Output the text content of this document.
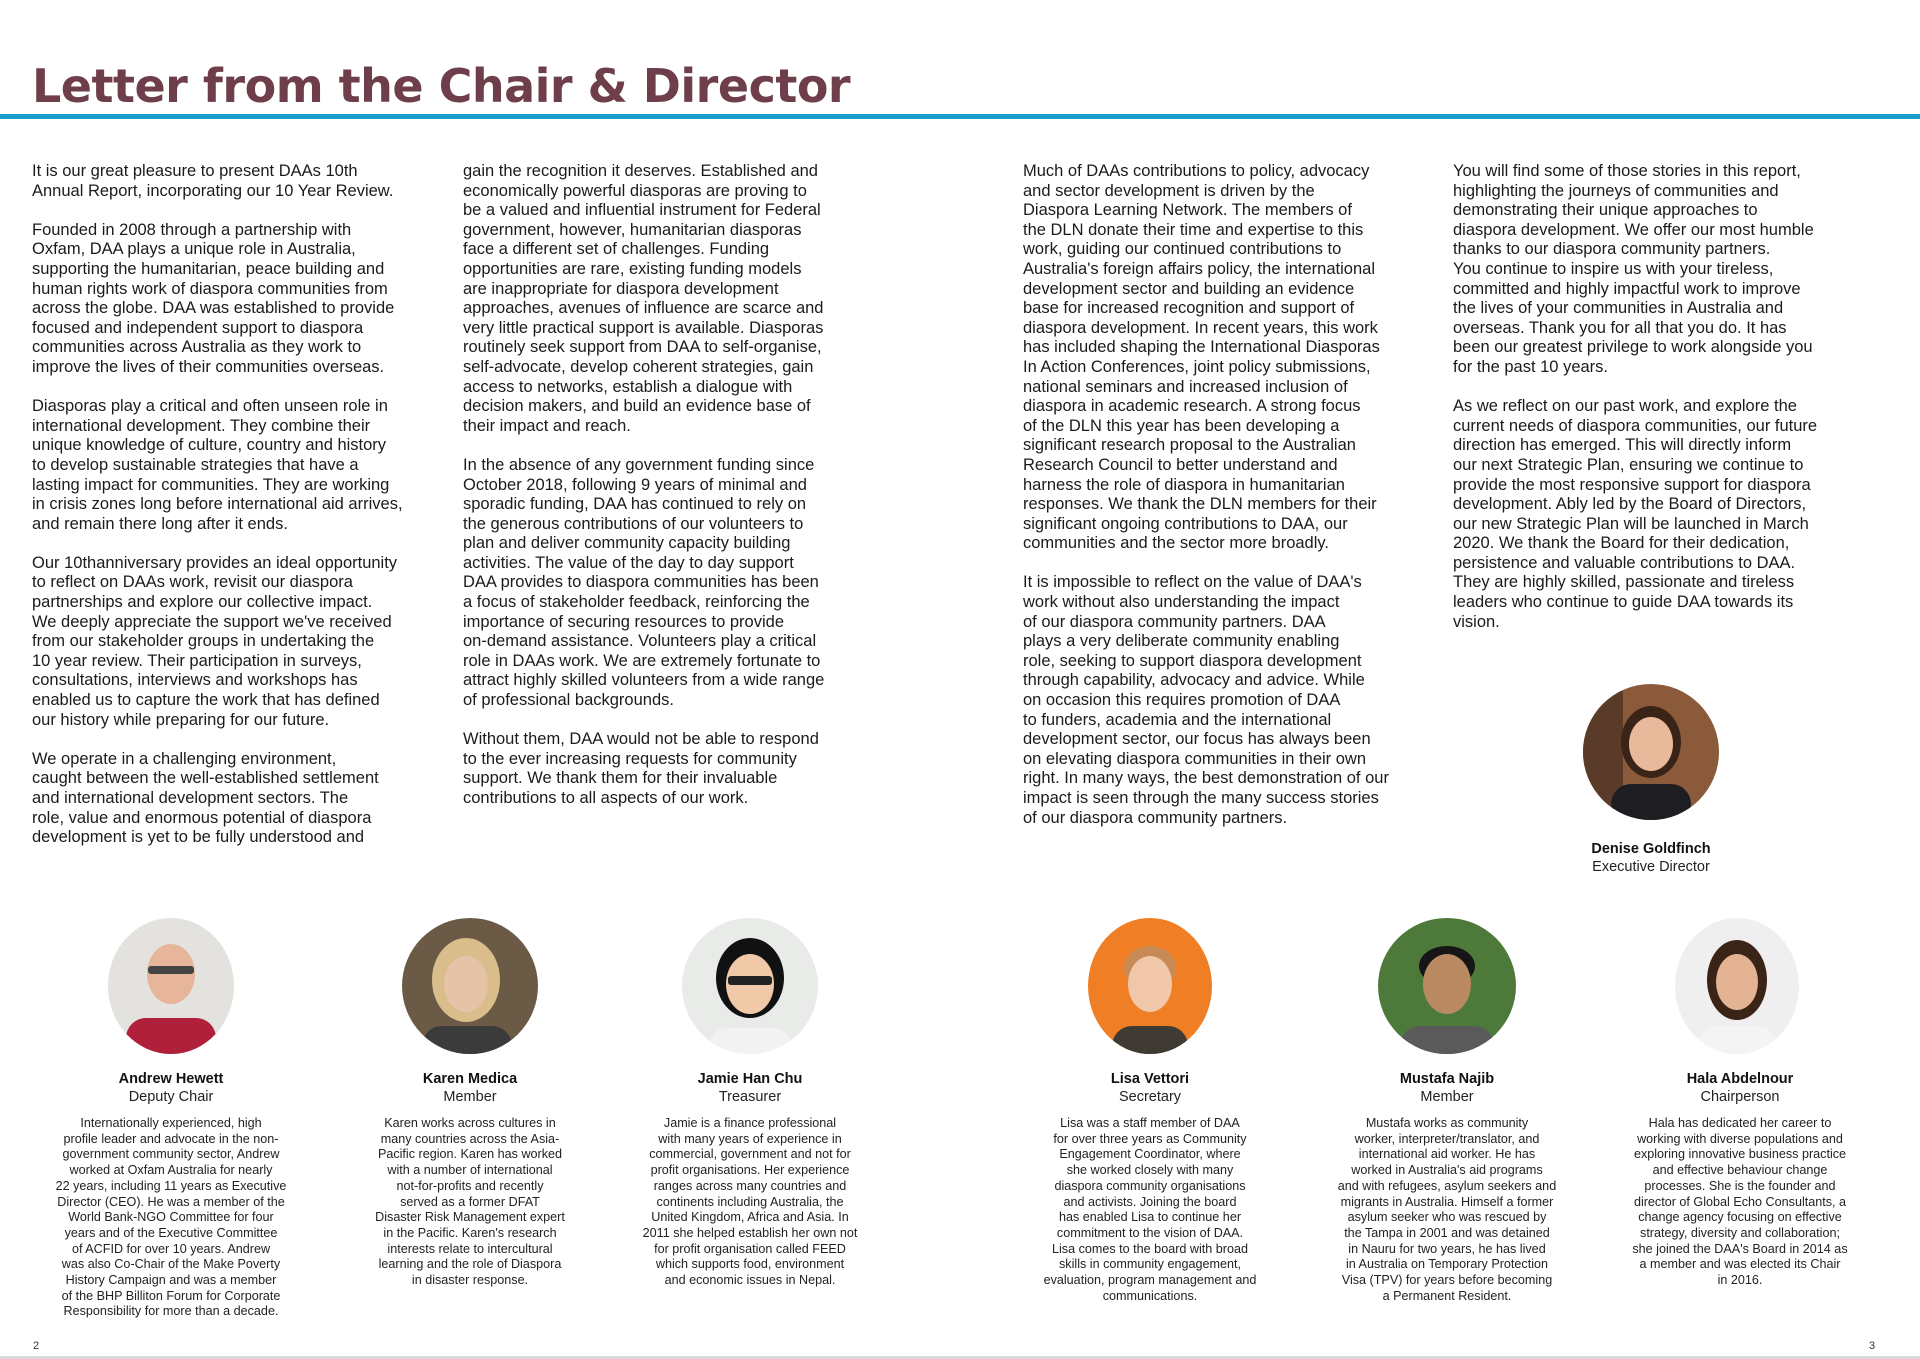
Letter from the Chair & Director

It is our great pleasure to present DAAs 10th
Annual Report, incorporating our 10 Year Review.

Founded in 2008 through a partnership with
Oxfam, DAA plays a unique role in Australia,
supporting the humanitarian, peace building and
human rights work of diaspora communities from
across the globe. DAA was established to provide
focused and independent support to diaspora
communities across Australia as they work to
improve the lives of their communities overseas.

Diasporas play a critical and often unseen role in
international development. They combine their
unique knowledge of culture, country and history
to develop sustainable strategies that have a
lasting impact for communities. They are working
in crisis zones long before international aid arrives,
and remain there long after it ends.

Our 10thanniversary provides an ideal opportunity
to reflect on DAAs work, revisit our diaspora
partnerships and explore our collective impact.
We deeply appreciate the support we've received
from our stakeholder groups in undertaking the
10 year review. Their participation in surveys,
consultations, interviews and workshops has
enabled us to capture the work that has defined
our history while preparing for our future.

We operate in a challenging environment,
caught between the well-established settlement
and international development sectors. The
role, value and enormous potential of diaspora
development is yet to be fully understood and

gain the recognition it deserves. Established and
economically powerful diasporas are proving to
be a valued and influential instrument for Federal
government, however, humanitarian diasporas
face a different set of challenges. Funding
opportunities are rare, existing funding models
are inappropriate for diaspora development
approaches, avenues of influence are scarce and
very little practical support is available. Diasporas
routinely seek support from DAA to self-organise,
self-advocate, develop coherent strategies, gain
access to networks, establish a dialogue with
decision makers, and build an evidence base of
their impact and reach.

In the absence of any government funding since
October 2018, following 9 years of minimal and
sporadic funding, DAA has continued to rely on
the generous contributions of our volunteers to
plan and deliver community capacity building
activities. The value of the day to day support
DAA provides to diaspora communities has been
a focus of stakeholder feedback, reinforcing the
importance of securing resources to provide
on-demand assistance. Volunteers play a critical
role in DAAs work. We are extremely fortunate to
attract highly skilled volunteers from a wide range
of professional backgrounds.

Without them, DAA would not be able to respond
to the ever increasing requests for community
support. We thank them for their invaluable
contributions to all aspects of our work.

Much of DAAs contributions to policy, advocacy
and sector development is driven by the
Diaspora Learning Network. The members of
the DLN donate their time and expertise to this
work, guiding our continued contributions to
Australia's foreign affairs policy, the international
development sector and building an evidence
base for increased recognition and support of
diaspora development. In recent years, this work
has included shaping the International Diasporas
In Action Conferences, joint policy submissions,
national seminars and increased inclusion of
diaspora in academic research. A strong focus
of the DLN this year has been developing a
significant research proposal to the Australian
Research Council to better understand and
harness the role of diaspora in humanitarian
responses. We thank the DLN members for their
significant ongoing contributions to DAA, our
communities and the sector more broadly.

It is impossible to reflect on the value of DAA's
work without also understanding the impact
of our diaspora community partners. DAA
plays a very deliberate community enabling
role, seeking to support diaspora development
through capability, advocacy and advice. While
on occasion this requires promotion of DAA
to funders, academia and the international
development sector, our focus has always been
on elevating diaspora communities in their own
right. In many ways, the best demonstration of our
impact is seen through the many success stories
of our diaspora community partners.

You will find some of those stories in this report,
highlighting the journeys of communities and
demonstrating their unique approaches to
diaspora development. We offer our most humble
thanks to our diaspora community partners.
You continue to inspire us with your tireless,
committed and highly impactful work to improve
the lives of your communities in Australia and
overseas. Thank you for all that you do. It has
been our greatest privilege to work alongside you
for the past 10 years.

As we reflect on our past work, and explore the
current needs of diaspora communities, our future
direction has emerged. This will directly inform
our next Strategic Plan, ensuring we continue to
provide the most responsive support for diaspora
development. Ably led by the Board of Directors,
our new Strategic Plan will be launched in March
2020. We thank the Board for their dedication,
persistence and valuable contributions to DAA.
They are highly skilled, passionate and tireless
leaders who continue to guide DAA towards its
vision.

Denise Goldfinch
Executive Director
Andrew Hewett
Deputy Chair
Internationally experienced, high
profile leader and advocate in the non-
government community sector, Andrew
worked at Oxfam Australia for nearly
22 years, including 11 years as Executive
Director (CEO). He was a member of the
World Bank-NGO Committee for four
years and of the Executive Committee
of ACFID for over 10 years. Andrew
was also Co-Chair of the Make Poverty
History Campaign and was a member
of the BHP Billiton Forum for Corporate
Responsibility for more than a decade.
Karen Medica
Member
Karen works across cultures in
many countries across the Asia-
Pacific region. Karen has worked
with a number of international
not-for-profits and recently
served as a former DFAT
Disaster Risk Management expert
in the Pacific. Karen's research
interests relate to intercultural
learning and the role of Diaspora
in disaster response.
Jamie Han Chu
Treasurer
Jamie is a finance professional
with many years of experience in
commercial, government and not for
profit organisations. Her experience
ranges across many countries and
continents including Australia, the
United Kingdom, Africa and Asia. In
2011 she helped establish her own not
for profit organisation called FEED
which supports food, environment
and economic issues in Nepal.
Lisa Vettori
Secretary
Lisa was a staff member of DAA
for over three years as Community
Engagement Coordinator, where
she worked closely with many
diaspora community organisations
and activists. Joining the board
has enabled Lisa to continue her
commitment to the vision of DAA.
Lisa comes to the board with broad
skills in community engagement,
evaluation, program management and
communications.
Mustafa Najib
Member
Mustafa works as community
worker, interpreter/translator, and
international aid worker. He has
worked in Australia's aid programs
and with refugees, asylum seekers and
migrants in Australia. Himself a former
asylum seeker who was rescued by
the Tampa in 2001 and was detained
in Nauru for two years, he has lived
in Australia on Temporary Protection
Visa (TPV) for years before becoming
a Permanent Resident.
Hala Abdelnour
Chairperson
Hala has dedicated her career to
working with diverse populations and
exploring innovative business practice
and effective behaviour change
processes. She is the founder and
director of Global Echo Consultants, a
change agency focusing on effective
strategy, diversity and collaboration;
she joined the DAA's Board in 2014 as
a member and was elected its Chair
in 2016.
2	3
